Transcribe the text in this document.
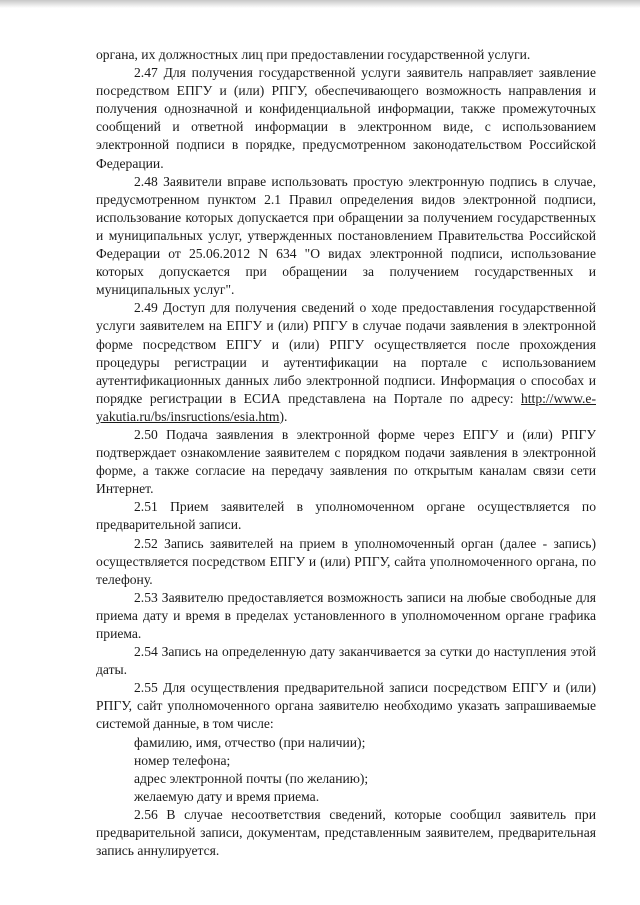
органа, их должностных лиц при предоставлении государственной услуги.

2.47 Для получения государственной услуги заявитель направляет заявление посредством ЕПГУ и (или) РПГУ, обеспечивающего возможность направления и получения однозначной и конфиденциальной информации, также промежуточных сообщений и ответной информации в электронном виде, с использованием электронной подписи в порядке, предусмотренном законодательством Российской Федерации.

2.48 Заявители вправе использовать простую электронную подпись в случае, предусмотренном пунктом 2.1 Правил определения видов электронной подписи, использование которых допускается при обращении за получением государственных и муниципальных услуг, утвержденных постановлением Правительства Российской Федерации от 25.06.2012 N 634 "О видах электронной подписи, использование которых допускается при обращении за получением государственных и муниципальных услуг".

2.49 Доступ для получения сведений о ходе предоставления государственной услуги заявителем на ЕПГУ и (или) РПГУ в случае подачи заявления в электронной форме посредством ЕПГУ и (или) РПГУ осуществляется после прохождения процедуры регистрации и аутентификации на портале с использованием аутентификационных данных либо электронной подписи. Информация о способах и порядке регистрации в ЕСИА представлена на Портале по адресу: http://www.e-yakutia.ru/bs/insructions/esia.htm).

2.50 Подача заявления в электронной форме через ЕПГУ и (или) РПГУ подтверждает ознакомление заявителем с порядком подачи заявления в электронной форме, а также согласие на передачу заявления по открытым каналам связи сети Интернет.

2.51 Прием заявителей в уполномоченном органе осуществляется по предварительной записи.

2.52 Запись заявителей на прием в уполномоченный орган (далее - запись) осуществляется посредством ЕПГУ и (или) РПГУ, сайта уполномоченного органа, по телефону.

2.53 Заявителю предоставляется возможность записи на любые свободные для приема дату и время в пределах установленного в уполномоченном органе графика приема.

2.54 Запись на определенную дату заканчивается за сутки до наступления этой даты.

2.55 Для осуществления предварительной записи посредством ЕПГУ и (или) РПГУ, сайт уполномоченного органа заявителю необходимо указать запрашиваемые системой данные, в том числе:

фамилию, имя, отчество (при наличии);

номер телефона;

адрес электронной почты (по желанию);

желаемую дату и время приема.

2.56 В случае несоответствия сведений, которые сообщил заявитель при предварительной записи, документам, представленным заявителем, предварительная запись аннулируется.
